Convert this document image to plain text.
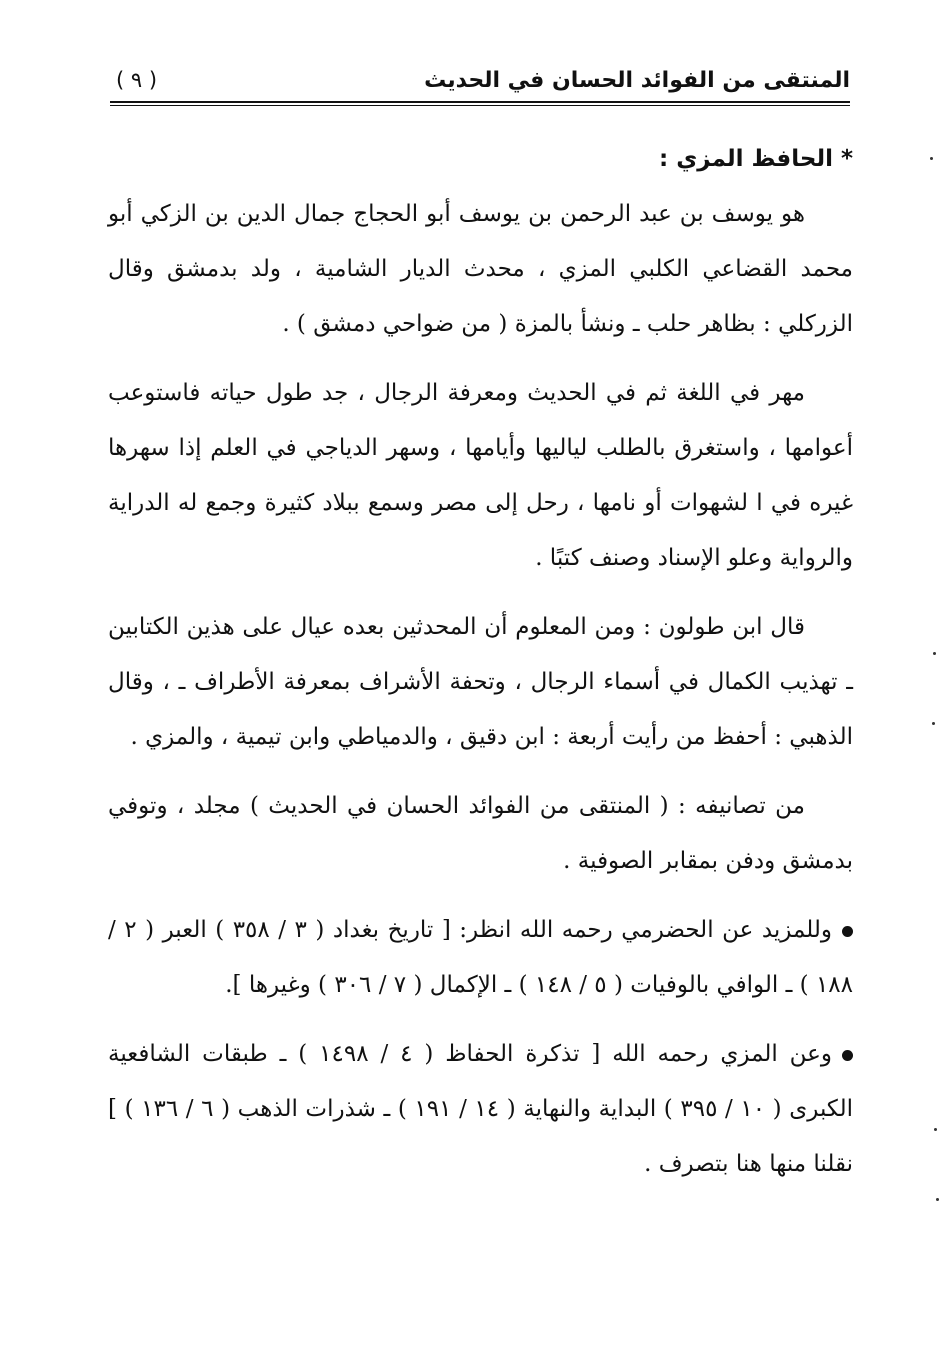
المنتقى من الفوائد الحسان في الحديث
( ٩ )

* الحافظ المزي :

هو يوسف بن عبد الرحمن بن يوسف أبو الحجاج جمال الدين بن الزكي أبو محمد القضاعي الكلبي المزي ، محدث الديار الشامية ، ولد بدمشق وقال الزركلي : بظاهر حلب ـ ونشأ بالمزة ( من ضواحي دمشق ) .

مهر في اللغة ثم في الحديث ومعرفة الرجال ، جد طول حياته فاستوعب أعوامها ، واستغرق بالطلب لياليها وأيامها ، وسهر الدياجي في العلم إذا سهرها غيره في ا لشهوات أو نامها ، رحل إلى مصر وسمع ببلاد كثيرة وجمع له الدراية والرواية وعلو الإسناد وصنف كتبًا .

قال ابن طولون : ومن المعلوم أن المحدثين بعده عيال على هذين الكتابين ـ تهذيب الكمال في أسماء الرجال ، وتحفة الأشراف بمعرفة الأطراف ـ ، وقال الذهبي : أحفظ من رأيت أربعة : ابن دقيق ، والدمياطي وابن تيمية ، والمزي .

من تصانيفه : ( المنتقى من الفوائد الحسان في الحديث ) مجلد ، وتوفي بدمشق ودفن بمقابر الصوفية .

وللمزيد عن الحضرمي رحمه الله انظر: [ تاريخ بغداد ( ٣ / ٣٥٨ ) العبر ( ٢ / ١٨٨ ) ـ الوافي بالوفيات ( ٥ / ١٤٨ ) ـ الإكمال ( ٧ / ٣٠٦ ) وغيرها ].

وعن المزي رحمه الله [ تذكرة الحفاظ ( ٤ / ١٤٩٨ ) ـ طبقات الشافعية الكبرى ( ١٠ / ٣٩٥ ) البداية والنهاية ( ١٤ / ١٩١ ) ـ شذرات الذهب ( ٦ / ١٣٦ ) ] نقلنا منها هنا بتصرف .
